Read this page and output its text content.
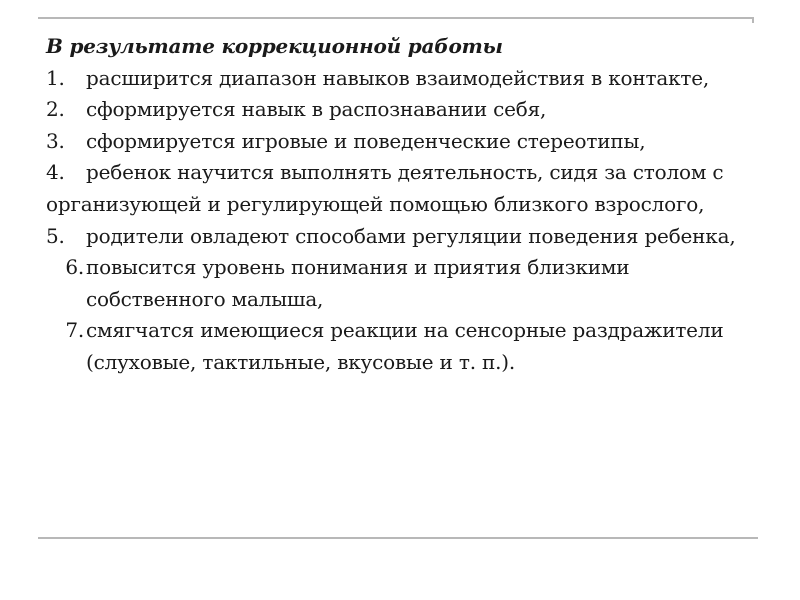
В результате коррекционной работы

1. расширится диапазон навыков взаимодействия в контакте,

2. сформируется навык в распознавании себя,

3. сформируется игровые и поведенческие стереотипы,

4. ребенок научится выполнять деятельность, сидя за столом с организующей и регулирующей помощью близкого взрослого,

5. родители овладеют способами регуляции поведения ребенка,

6. повысится уровень понимания и приятия близкими собственного малыша,

7. смягчатся имеющиеся реакции на сенсорные раздражители (слуховые, тактильные, вкусовые и т. п.).
